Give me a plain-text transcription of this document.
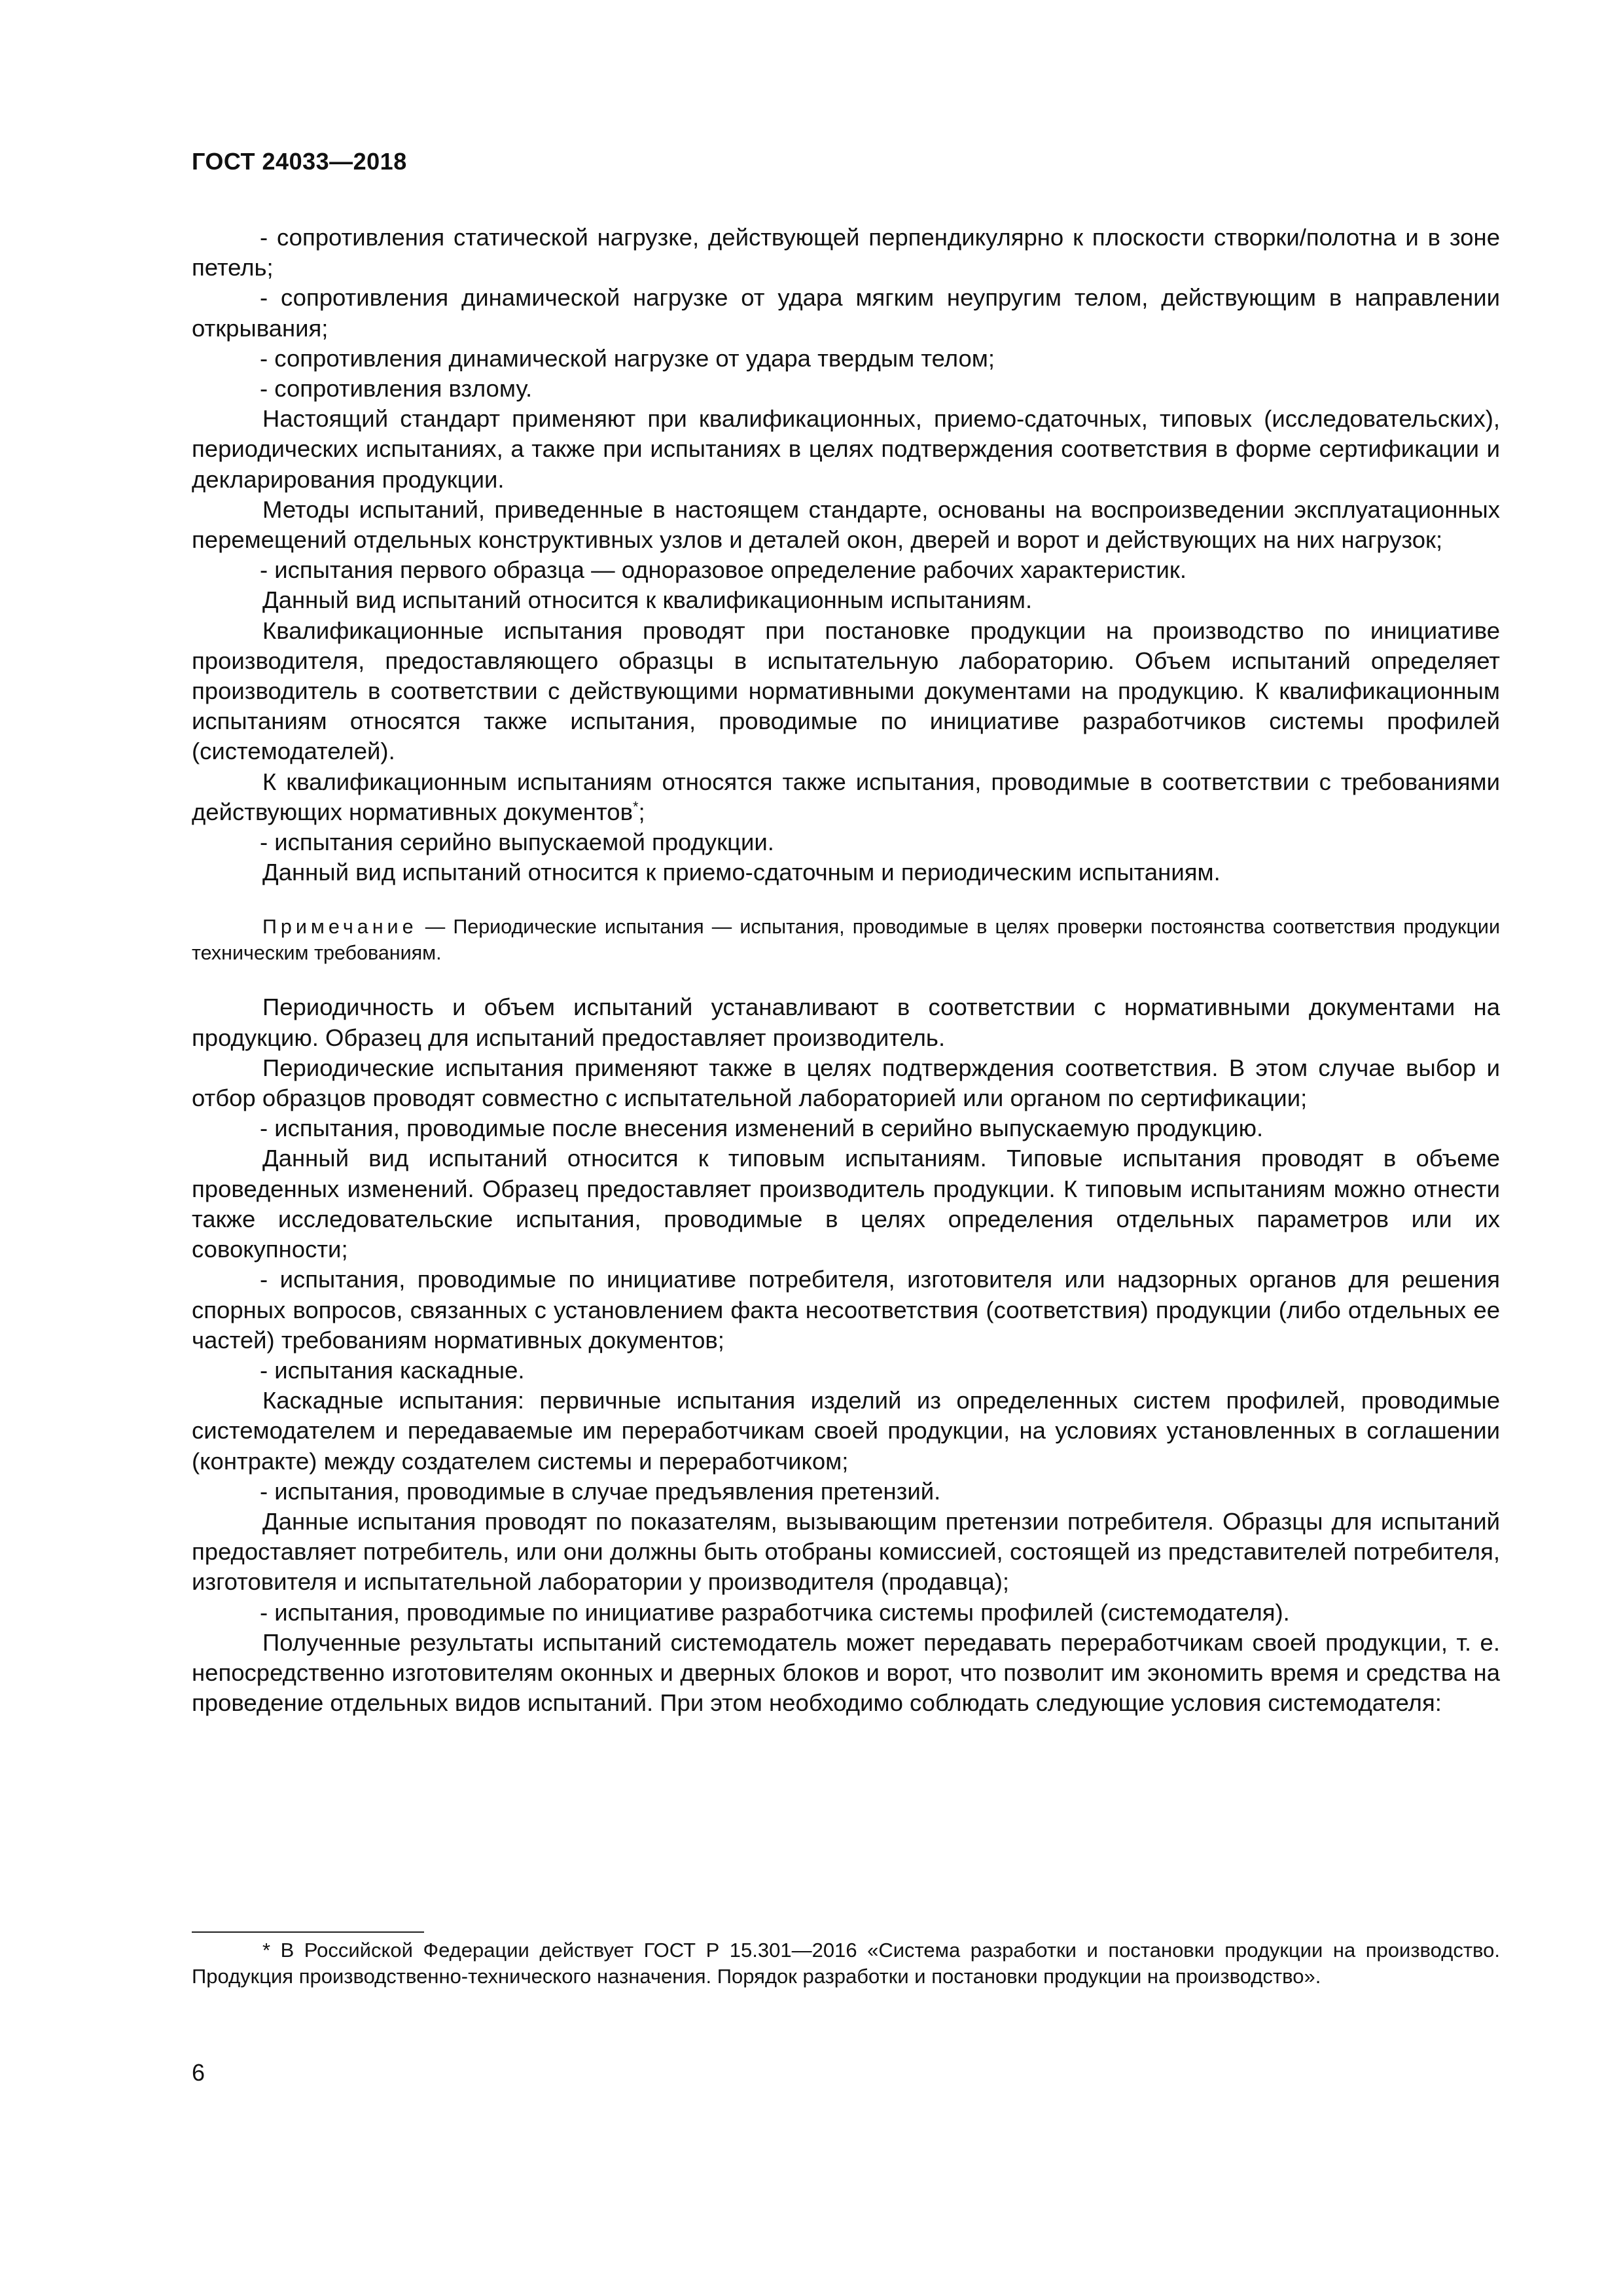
ГОСТ 24033—2018

- сопротивления статической нагрузке, действующей перпендикулярно к плоскости створки/полотна и в зоне петель;

- сопротивления динамической нагрузке от удара мягким неупругим телом, действующим в направлении открывания;

- сопротивления динамической нагрузке от удара твердым телом;

- сопротивления взлому.

Настоящий стандарт применяют при квалификационных, приемо-сдаточных, типовых (исследовательских), периодических испытаниях, а также при испытаниях в целях подтверждения соответствия в форме сертификации и декларирования продукции.

Методы испытаний, приведенные в настоящем стандарте, основаны на воспроизведении эксплуатационных перемещений отдельных конструктивных узлов и деталей окон, дверей и ворот и действующих на них нагрузок;

- испытания первого образца — одноразовое определение рабочих характеристик.

Данный вид испытаний относится к квалификационным испытаниям.

Квалификационные испытания проводят при постановке продукции на производство по инициативе производителя, предоставляющего образцы в испытательную лабораторию. Объем испытаний определяет производитель в соответствии с действующими нормативными документами на продукцию. К квалификационным испытаниям относятся также испытания, проводимые по инициативе разработчиков системы профилей (системодателей).

К квалификационным испытаниям относятся также испытания, проводимые в соответствии с требованиями действующих нормативных документов*;

- испытания серийно выпускаемой продукции.

Данный вид испытаний относится к приемо-сдаточным и периодическим испытаниям.

Примечание — Периодические испытания — испытания, проводимые в целях проверки постоянства соответствия продукции техническим требованиям.

Периодичность и объем испытаний устанавливают в соответствии с нормативными документами на продукцию. Образец для испытаний предоставляет производитель.

Периодические испытания применяют также в целях подтверждения соответствия. В этом случае выбор и отбор образцов проводят совместно с испытательной лабораторией или органом по сертификации;

- испытания, проводимые после внесения изменений в серийно выпускаемую продукцию.

Данный вид испытаний относится к типовым испытаниям. Типовые испытания проводят в объеме проведенных изменений. Образец предоставляет производитель продукции. К типовым испытаниям можно отнести также исследовательские испытания, проводимые в целях определения отдельных параметров или их совокупности;

- испытания, проводимые по инициативе потребителя, изготовителя или надзорных органов для решения спорных вопросов, связанных с установлением факта несоответствия (соответствия) продукции (либо отдельных ее частей) требованиям нормативных документов;

- испытания каскадные.

Каскадные испытания: первичные испытания изделий из определенных систем профилей, проводимые системодателем и передаваемые им переработчикам своей продукции, на условиях установленных в соглашении (контракте) между создателем системы и переработчиком;

- испытания, проводимые в случае предъявления претензий.

Данные испытания проводят по показателям, вызывающим претензии потребителя. Образцы для испытаний предоставляет потребитель, или они должны быть отобраны комиссией, состоящей из представителей потребителя, изготовителя и испытательной лаборатории у производителя (продавца);

- испытания, проводимые по инициативе разработчика системы профилей (системодателя).

Полученные результаты испытаний системодатель может передавать переработчикам своей продукции, т. е. непосредственно изготовителям оконных и дверных блоков и ворот, что позволит им экономить время и средства на проведение отдельных видов испытаний. При этом необходимо соблюдать следующие условия системодателя:

* В Российской Федерации действует ГОСТ Р 15.301—2016 «Система разработки и постановки продукции на производство. Продукция производственно-технического назначения. Порядок разработки и постановки продукции на производство».
6
